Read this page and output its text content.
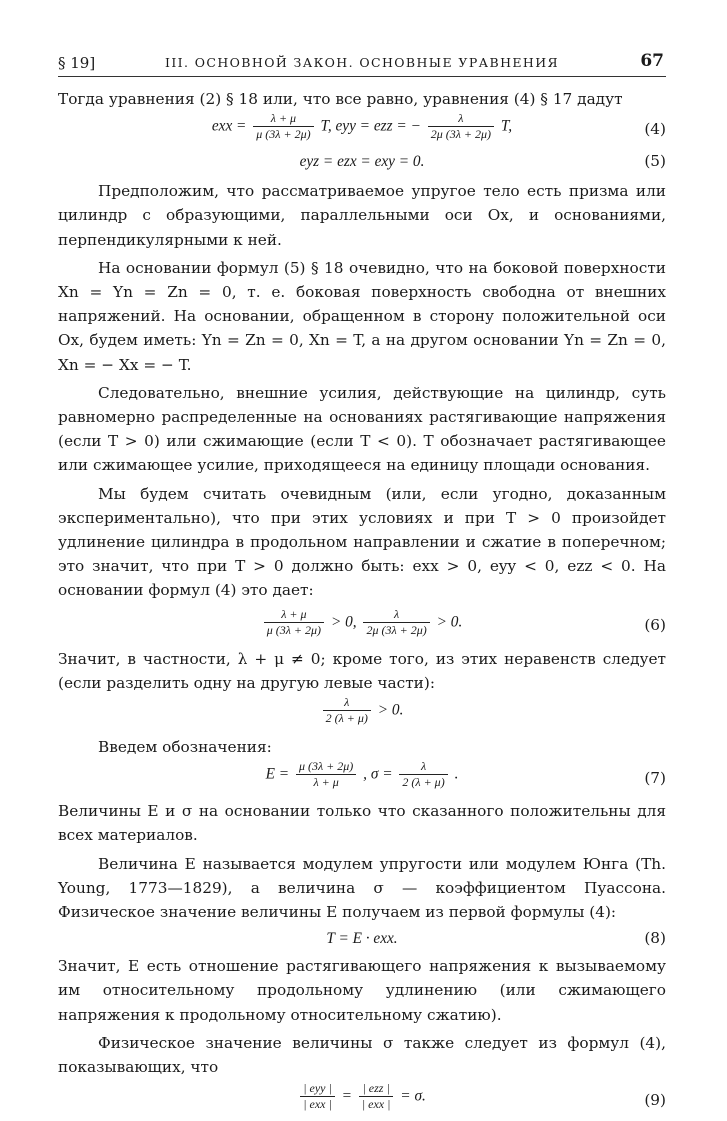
§ 19]	III. ОСНОВНОЙ ЗАКОН. ОСНОВНЫЕ УРАВНЕНИЯ	67

Тогда уравнения (2) § 18 или, что все равно, уравнения (4) § 17 дадут

exx = $\frac{\lambda + \mu}{\mu (3\lambda + 2\mu)} T$, eyy = ezz = − $\frac{\lambda}{2\mu (3\lambda + 2\mu)} T$,	(4)
eyz = ezx = exy = 0.	(5)

Предположим, что рассматриваемое упругое тело есть призма или цилиндр с образующими, параллельными оси Ox, и основаниями, перпендикулярными к ней.

На основании формул (5) § 18 очевидно, что на боковой поверхности Xn = Yn = Zn = 0, т. е. боковая поверхность свободна от внешних напряжений. На основании, обращенном в сторону положительной оси Ox, будем иметь: Yn = Zn = 0, Xn = T, а на другом основании Yn = Zn = 0, Xn = − Xx = − T.

Следовательно, внешние усилия, действующие на цилиндр, суть равномерно распределенные на основаниях растягивающие напряжения (если T > 0) или сжимающие (если T < 0). T обозначает растягивающее или сжимающее усилие, приходящееся на единицу площади основания.

Мы будем считать очевидным (или, если угодно, доказанным экспериментально), что при этих условиях и при T > 0 произойдет удлинение цилиндра в продольном направлении и сжатие в поперечном; это значит, что при T > 0 должно быть: exx > 0, eyy < 0, ezz < 0. На основании формул (4) это дает:

$\frac{\lambda + \mu}{\mu (3\lambda + 2\mu)} > 0$, $\frac{\lambda}{2\mu (3\lambda + 2\mu)} > 0$.	(6)

Значит, в частности, λ + μ ≠ 0; кроме того, из этих неравенств следует (если разделить одну на другую левые части):

$\frac{\lambda}{2 (\lambda + \mu)} > 0$.

Введем обозначения:

$E = \frac{\mu (3\lambda + 2\mu)}{\lambda + \mu}$ , $\sigma = \frac{\lambda}{2 (\lambda + \mu)}$ .	(7)

Величины E и σ на основании только что сказанного положительны для всех материалов.

Величина E называется модулем упругости или модулем Юнга (Th. Young, 1773—1829), а величина σ — коэффициентом Пуассона. Физическое значение величины E получаем из первой формулы (4):

T = E · exx.	(8)

Значит, E есть отношение растягивающего напряжения к вызываемому им относительному продольному удлинению (или сжимающего напряжения к продольному относительному сжатию).

Физическое значение величины σ также следует из формул (4), показывающих, что

$\frac{\text{| eyy |}}{\text{| exx |}} = \frac{\text{| ezz |}}{\text{| exx |}} = \sigma$.	(9)
